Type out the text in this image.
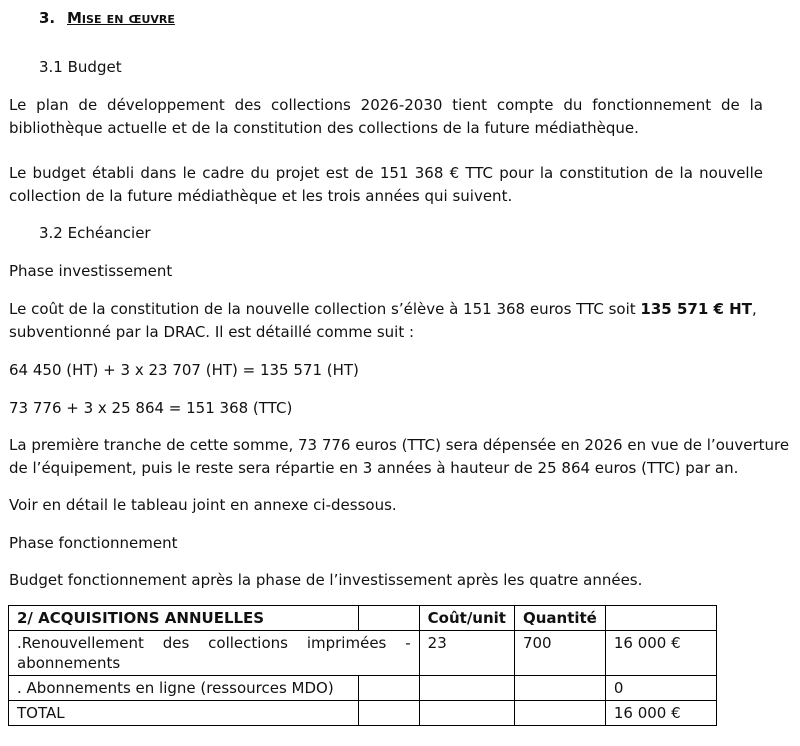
3. Mise en œuvre
3.1 Budget
Le plan de développement des collections 2026-2030 tient compte du fonctionnement de la
bibliothèque actuelle et de la constitution des collections de la future médiathèque.
Le budget établi dans le cadre du projet est de 151 368 € TTC pour la constitution de la nouvelle
collection de la future médiathèque et les trois années qui suivent.
3.2 Echéancier
Phase investissement
Le coût de la constitution de la nouvelle collection s’élève à 151 368 euros TTC soit 135 571 € HT,
subventionné par la DRAC. Il est détaillé comme suit :
64 450 (HT) + 3 x 23 707 (HT) = 135 571 (HT)
73 776 + 3 x 25 864 = 151 368 (TTC)
La première tranche de cette somme, 73 776 euros (TTC) sera dépensée en 2026 en vue de l’ouverture
de l’équipement, puis le reste sera répartie en 3 années à hauteur de 25 864 euros (TTC) par an.
Voir en détail le tableau joint en annexe ci-dessous.
Phase fonctionnement
Budget fonctionnement après la phase de l’investissement après les quatre années.
2/ ACQUISITIONS ANNUELLES		Coût/unit	Quantité	
.Renouvellement des collections imprimées - abonnements		23	700	16 000 €
. Abonnements en ligne (ressources MDO)				0
TOTAL				16 000 €
